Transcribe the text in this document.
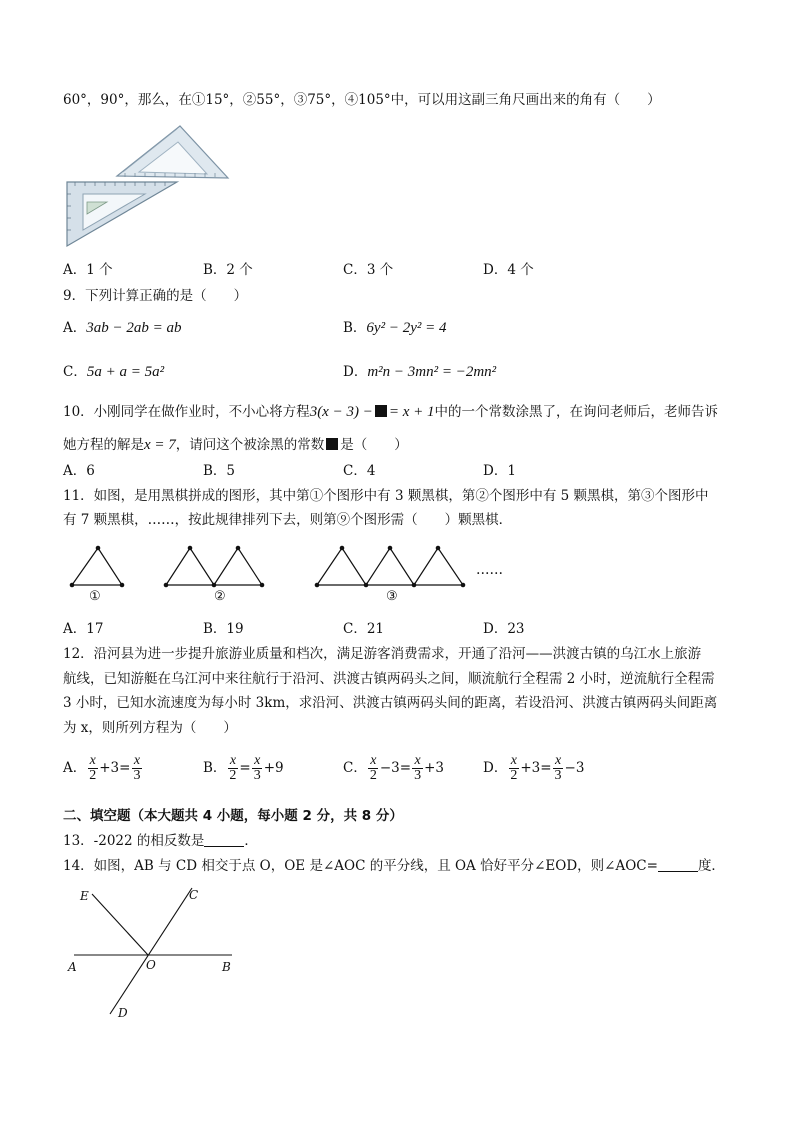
60°，90°，那么，在①15°，②55°，③75°，④105°中，可以用这副三角尺画出来的角有（　　）
A．1 个	B．2 个	C．3 个	D．4 个
9．下列计算正确的是（　　）
A．3ab − 2ab = ab	B．6y² − 2y² = 4
C．5a + a = 5a²	D．m²n − 3mn² = −2mn²
10．小刚同学在做作业时，不小心将方程3(x − 3) − = x + 1中的一个常数涂黑了，在询问老师后，老师告诉
她方程的解是x = 7，请问这个被涂黑的常数 是（　　）
A．6	B．5	C．4	D．1
11．如图，是用黑棋拼成的图形，其中第①个图形中有 3 颗黑棋，第②个图形中有 5 颗黑棋，第③个图形中
有 7 颗黑棋，……，按此规律排列下去，则第⑨个图形需（　　）颗黑棋．
①	②	③
……
A．17	B．19	C．21	D．23
12．沿河县为进一步提升旅游业质量和档次，满足游客消费需求，开通了沿河——洪渡古镇的乌江水上旅游
航线，已知游艇在乌江河中来往航行于沿河、洪渡古镇两码头之间，顺流航行全程需 2 小时，逆流航行全程需
3 小时，已知水流速度为每小时 3km，求沿河、洪渡古镇两码头间的距离，若设沿河、洪渡古镇两码头间距离
为 x，则所列方程为（　　）
A． $\frac{x}{2} +3= \frac{x}{3}$	B． $\frac{x}{2} = \frac{x}{3} +9$	C． $\frac{x}{2} -3= \frac{x}{3} +3$	D． $\frac{x}{2} +3= \frac{x}{3} -3$
二、填空题（本大题共 4 小题，每小题 2 分，共 8 分）
13．-2022 的相反数是	．
14．如图，AB 与 CD 相交于点 O，OE 是∠AOC 的平分线，且 OA 恰好平分∠EOD，则∠AOC=	度．
E	C
A	O	B
D
